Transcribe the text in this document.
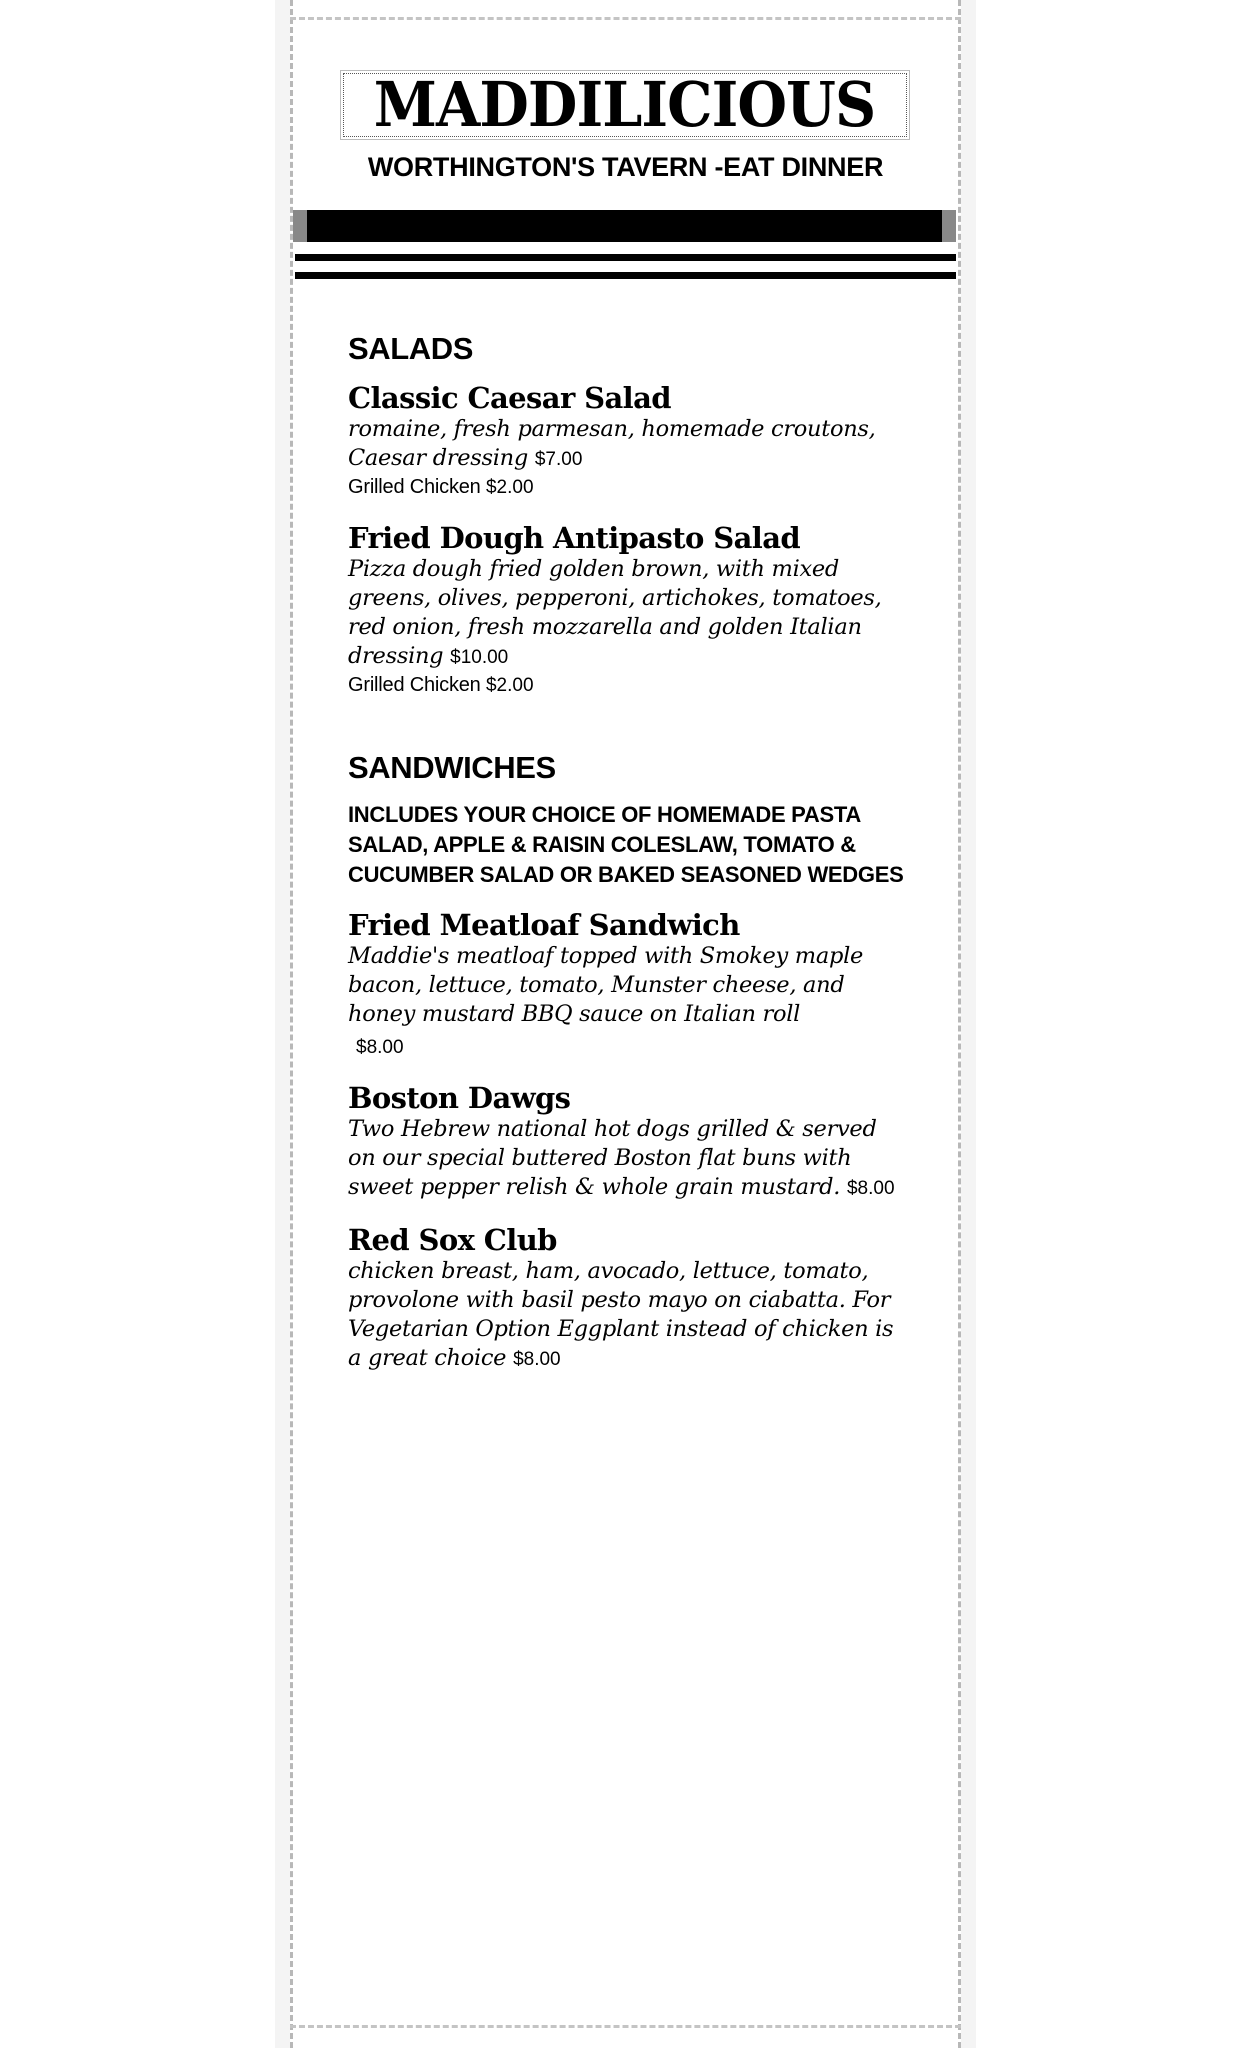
MADDILICIOUS
WORTHINGTON'S TAVERN -EAT DINNER
SALADS
Classic Caesar Salad
romaine, fresh parmesan, homemade croutons, Caesar dressing $7.00
Grilled Chicken $2.00
Fried Dough Antipasto Salad
Pizza dough fried golden brown, with mixed greens, olives, pepperoni, artichokes, tomatoes, red onion, fresh mozzarella and golden Italian dressing $10.00
Grilled Chicken $2.00
SANDWICHES
INCLUDES YOUR CHOICE OF HOMEMADE PASTA SALAD, APPLE & RAISIN COLESLAW, TOMATO & CUCUMBER SALAD OR BAKED SEASONED WEDGES
Fried Meatloaf Sandwich
Maddie's meatloaf topped with Smokey maple bacon, lettuce, tomato, Munster cheese, and honey mustard BBQ sauce on Italian roll
$8.00
Boston Dawgs
Two Hebrew national hot dogs grilled & served on our special buttered Boston flat buns with sweet pepper relish & whole grain mustard. $8.00
Red Sox Club
chicken breast, ham, avocado, lettuce, tomato, provolone with basil pesto mayo on ciabatta. For Vegetarian Option Eggplant instead of chicken is a great choice $8.00
